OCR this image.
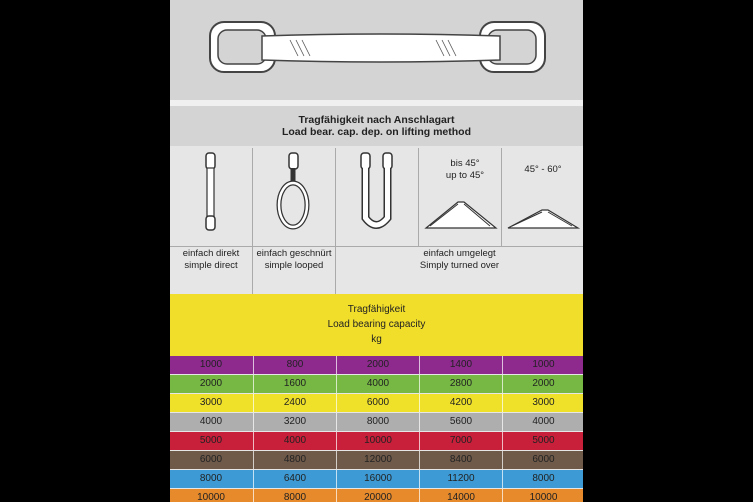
Tragfähigkeit nach Anschlagart
Load bear. cap. dep. on lifting method
bis 45°
up to 45°
45° - 60°
einfach direkt
simple direct
einfach geschnürt
simple looped
einfach umgelegt
Simply turned over
Tragfähigkeit
Load bearing capacity
kg
1000	800	2000	1400	1000
2000	1600	4000	2800	2000
3000	2400	6000	4200	3000
4000	3200	8000	5600	4000
5000	4000	10000	7000	5000
6000	4800	12000	8400	6000
8000	6400	16000	11200	8000
10000	8000	20000	14000	10000
